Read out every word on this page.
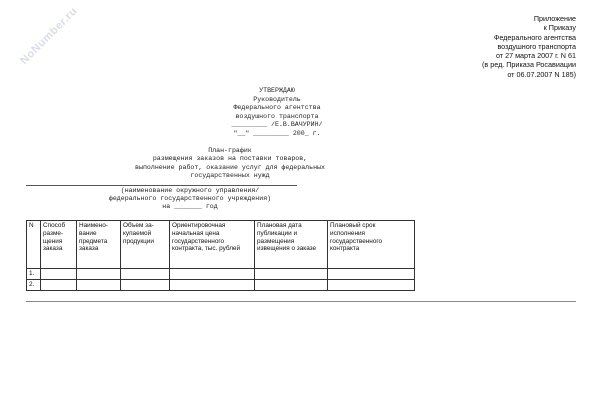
NoNumber.ru	Приложение
к Приказу
Федерального агентства
воздушного транспорта
от 27 марта 2007 г. N 61
(в ред. Приказа Росавиации
от 06.07.2007 N 185)
УТВЕРЖДАЮ
Руководитель
Федерального агентства
воздушного транспорта
_________ /Е.В.ВАЧУРИН/
"__" _________ 200_ г.
План-график
размещения заказов на поставки товаров,
выполнение работ, оказание услуг для федеральных
государственных нужд
(наименование окружного управления/
федерального государственного учреждения)
на _______ год
N	Способ разме-щения заказа	Наимено-вание предмета заказа	Объем за-купаемой продукции	Ориентировочная начальная цена государственного контракта, тыс. рублей	Плановая дата публикации и размещения извещения о заказе	Плановый срок исполнения государственного контракта
1.						
2.						
